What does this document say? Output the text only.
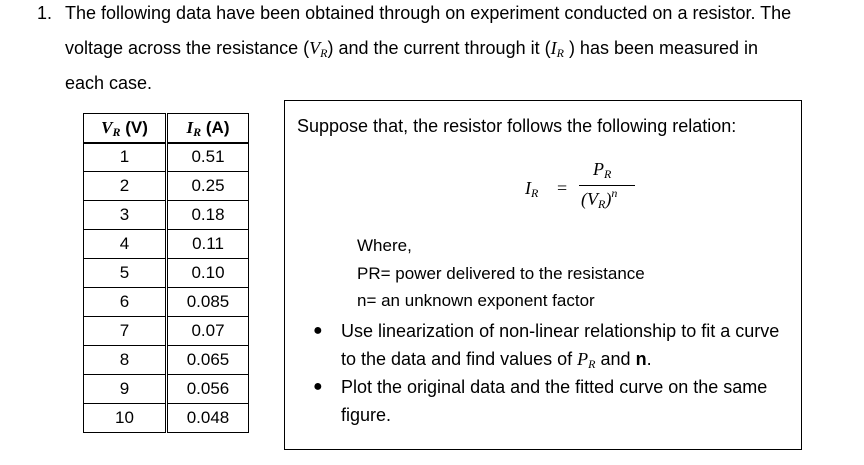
1. The following data have been obtained through on experiment conducted on a resistor. The
voltage across the resistance $(V_R)$ and the current through it ($I_R$ ) has been measured in
each case.
$V_R$ (V)	$I_R$ (A)
1	0.51
2	0.25
3	0.18
4	0.11
5	0.10
6	0.085
7	0.07
8	0.065
9	0.056
10	0.048
Suppose that, the resistor follows the following relation:
$I_R$ =
$P_R$
$(V_R)^n$
Where,
PR= power delivered to the resistance
n= an unknown exponent factor
● Use linearization of non-linear relationship to fit a curve
to the data and find values of $P_R$ and n.
● Plot the original data and the fitted curve on the same
figure.
